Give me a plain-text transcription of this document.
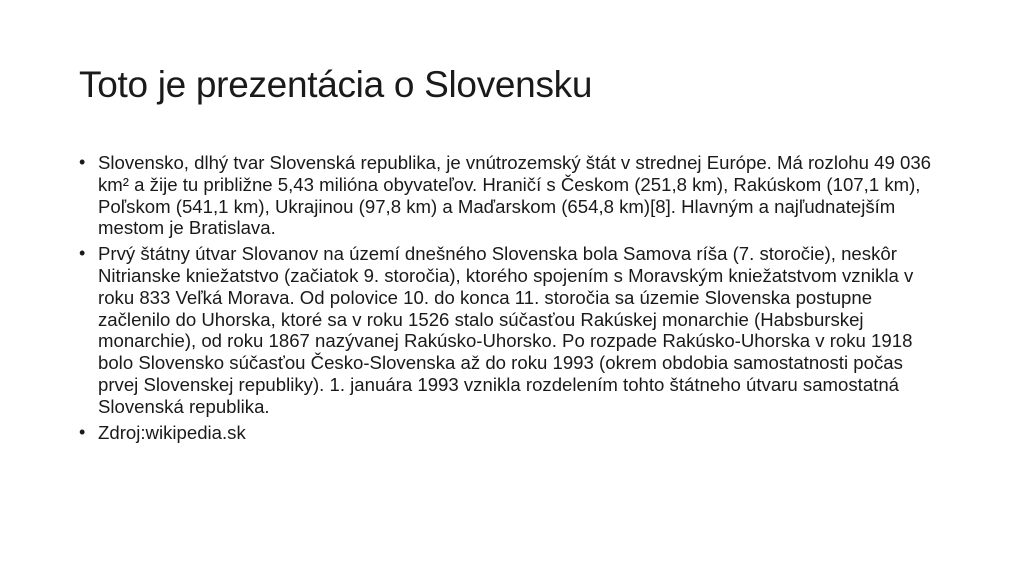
Toto je prezentácia o Slovensku
• Slovensko, dlhý tvar Slovenská republika, je vnútrozemský štát v strednej Európe. Má rozlohu 49 036 km² a žije tu približne 5,43 milióna obyvateľov. Hraničí s Českom (251,8 km), Rakúskom (107,1 km), Poľskom (541,1 km), Ukrajinou (97,8 km) a Maďarskom (654,8 km)[8]. Hlavným a najľudnatejším mestom je Bratislava.
• Prvý štátny útvar Slovanov na území dnešného Slovenska bola Samova ríša (7. storočie), neskôr Nitrianske kniežatstvo (začiatok 9. storočia), ktorého spojením s Moravským kniežatstvom vznikla v roku 833 Veľká Morava. Od polovice 10. do konca 11. storočia sa územie Slovenska postupne začlenilo do Uhorska, ktoré sa v roku 1526 stalo súčasťou Rakúskej monarchie (Habsburskej monarchie), od roku 1867 nazývanej Rakúsko-Uhorsko. Po rozpade Rakúsko-Uhorska v roku 1918 bolo Slovensko súčasťou Česko-Slovenska až do roku 1993 (okrem obdobia samostatnosti počas prvej Slovenskej republiky). 1. januára 1993 vznikla rozdelením tohto štátneho útvaru samostatná Slovenská republika.
• Zdroj:wikipedia.sk
